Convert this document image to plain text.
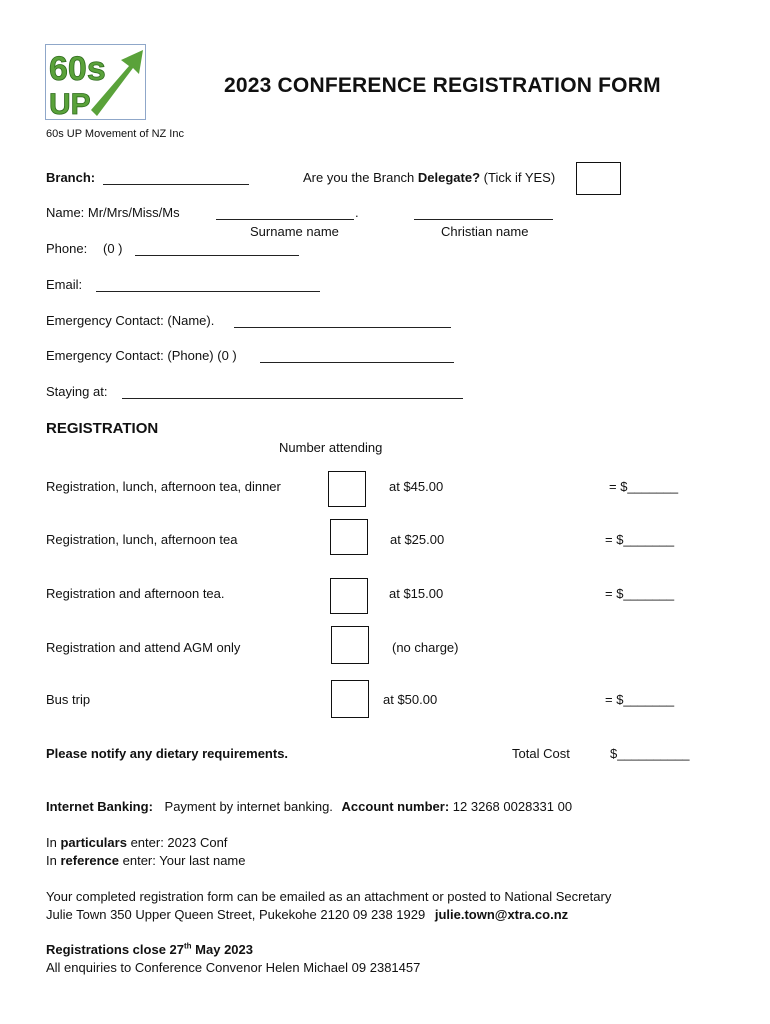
60s
UP
2023 CONFERENCE REGISTRATION FORM
60s UP Movement of NZ Inc
Branch:	Are you the Branch Delegate? (Tick if YES)
Name: Mr/Mrs/Miss/Ms	.
Surname name	Christian name
Phone: (0 )
Email:
Emergency Contact: (Name).
Emergency Contact: (Phone) (0 )
Staying at:
REGISTRATION
Number attending
Registration, lunch, afternoon tea, dinner	at $45.00	= $_______
Registration, lunch, afternoon tea	at $25.00	= $_______
Registration and afternoon tea.	at $15.00	= $_______
Registration and attend AGM only	(no charge)
Bus trip	at $50.00	= $_______
Please notify any dietary requirements.	Total Cost	$__________
Internet Banking: Payment by internet banking. Account number: 12 3268 0028331 00
In particulars enter: 2023 Conf
In reference enter: Your last name
Your completed registration form can be emailed as an attachment or posted to National Secretary
Julie Town 350 Upper Queen Street, Pukekohe 2120 09 238 1929 julie.town@xtra.co.nz
Registrations close 27th May 2023
All enquiries to Conference Convenor Helen Michael 09 2381457
